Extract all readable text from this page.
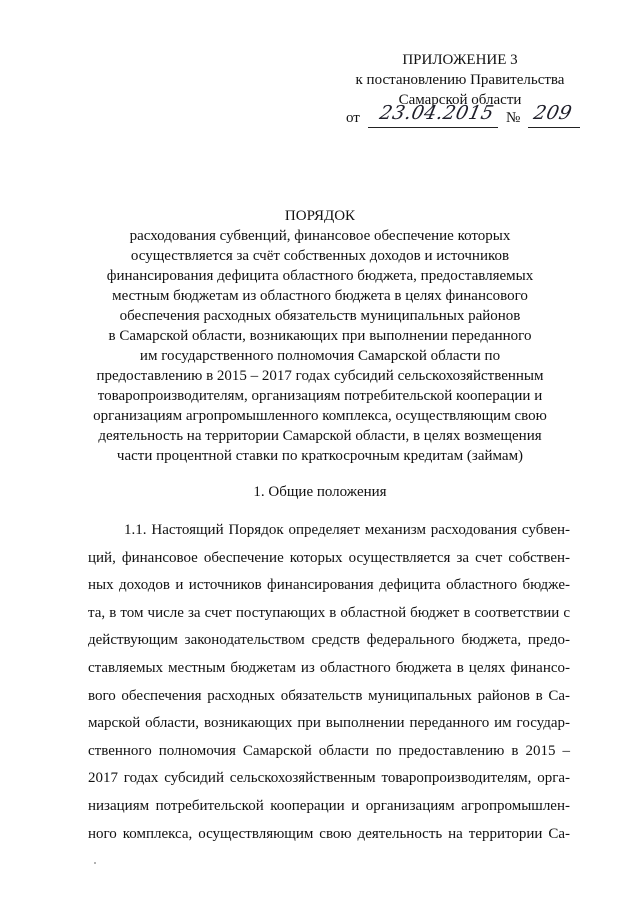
ПРИЛОЖЕНИЕ 3
к постановлению Правительства
Самарской области
от 23.04.2015 № 209
ПОРЯДОК
расходования субвенций, финансовое обеспечение которых
осуществляется за счёт собственных доходов и источников
финансирования дефицита областного бюджета, предоставляемых
местным бюджетам из областного бюджета в целях финансового
обеспечения расходных обязательств муниципальных районов
в Самарской области, возникающих при выполнении переданного
им государственного полномочия Самарской области по
предоставлению в 2015 – 2017 годах субсидий сельскохозяйственным
товаропроизводителям, организациям потребительской кооперации и
организациям агропромышленного комплекса, осуществляющим свою
деятельность на территории Самарской области, в целях возмещения
части процентной ставки по краткосрочным кредитам (займам)
1. Общие положения
1.1. Настоящий Порядок определяет механизм расходования субвен-
ций, финансовое обеспечение которых осуществляется за счет собствен-
ных доходов и источников финансирования дефицита областного бюдже-
та, в том числе за счет поступающих в областной бюджет в соответствии с
действующим законодательством средств федерального бюджета, предо-
ставляемых местным бюджетам из областного бюджета в целях финансо-
вого обеспечения расходных обязательств муниципальных районов в Са-
марской области, возникающих при выполнении переданного им государ-
ственного полномочия Самарской области по предоставлению в 2015 –
2017 годах субсидий сельскохозяйственным товаропроизводителям, орга-
низациям потребительской кооперации и организациям агропромышлен-
ного комплекса, осуществляющим свою деятельность на территории Са-
